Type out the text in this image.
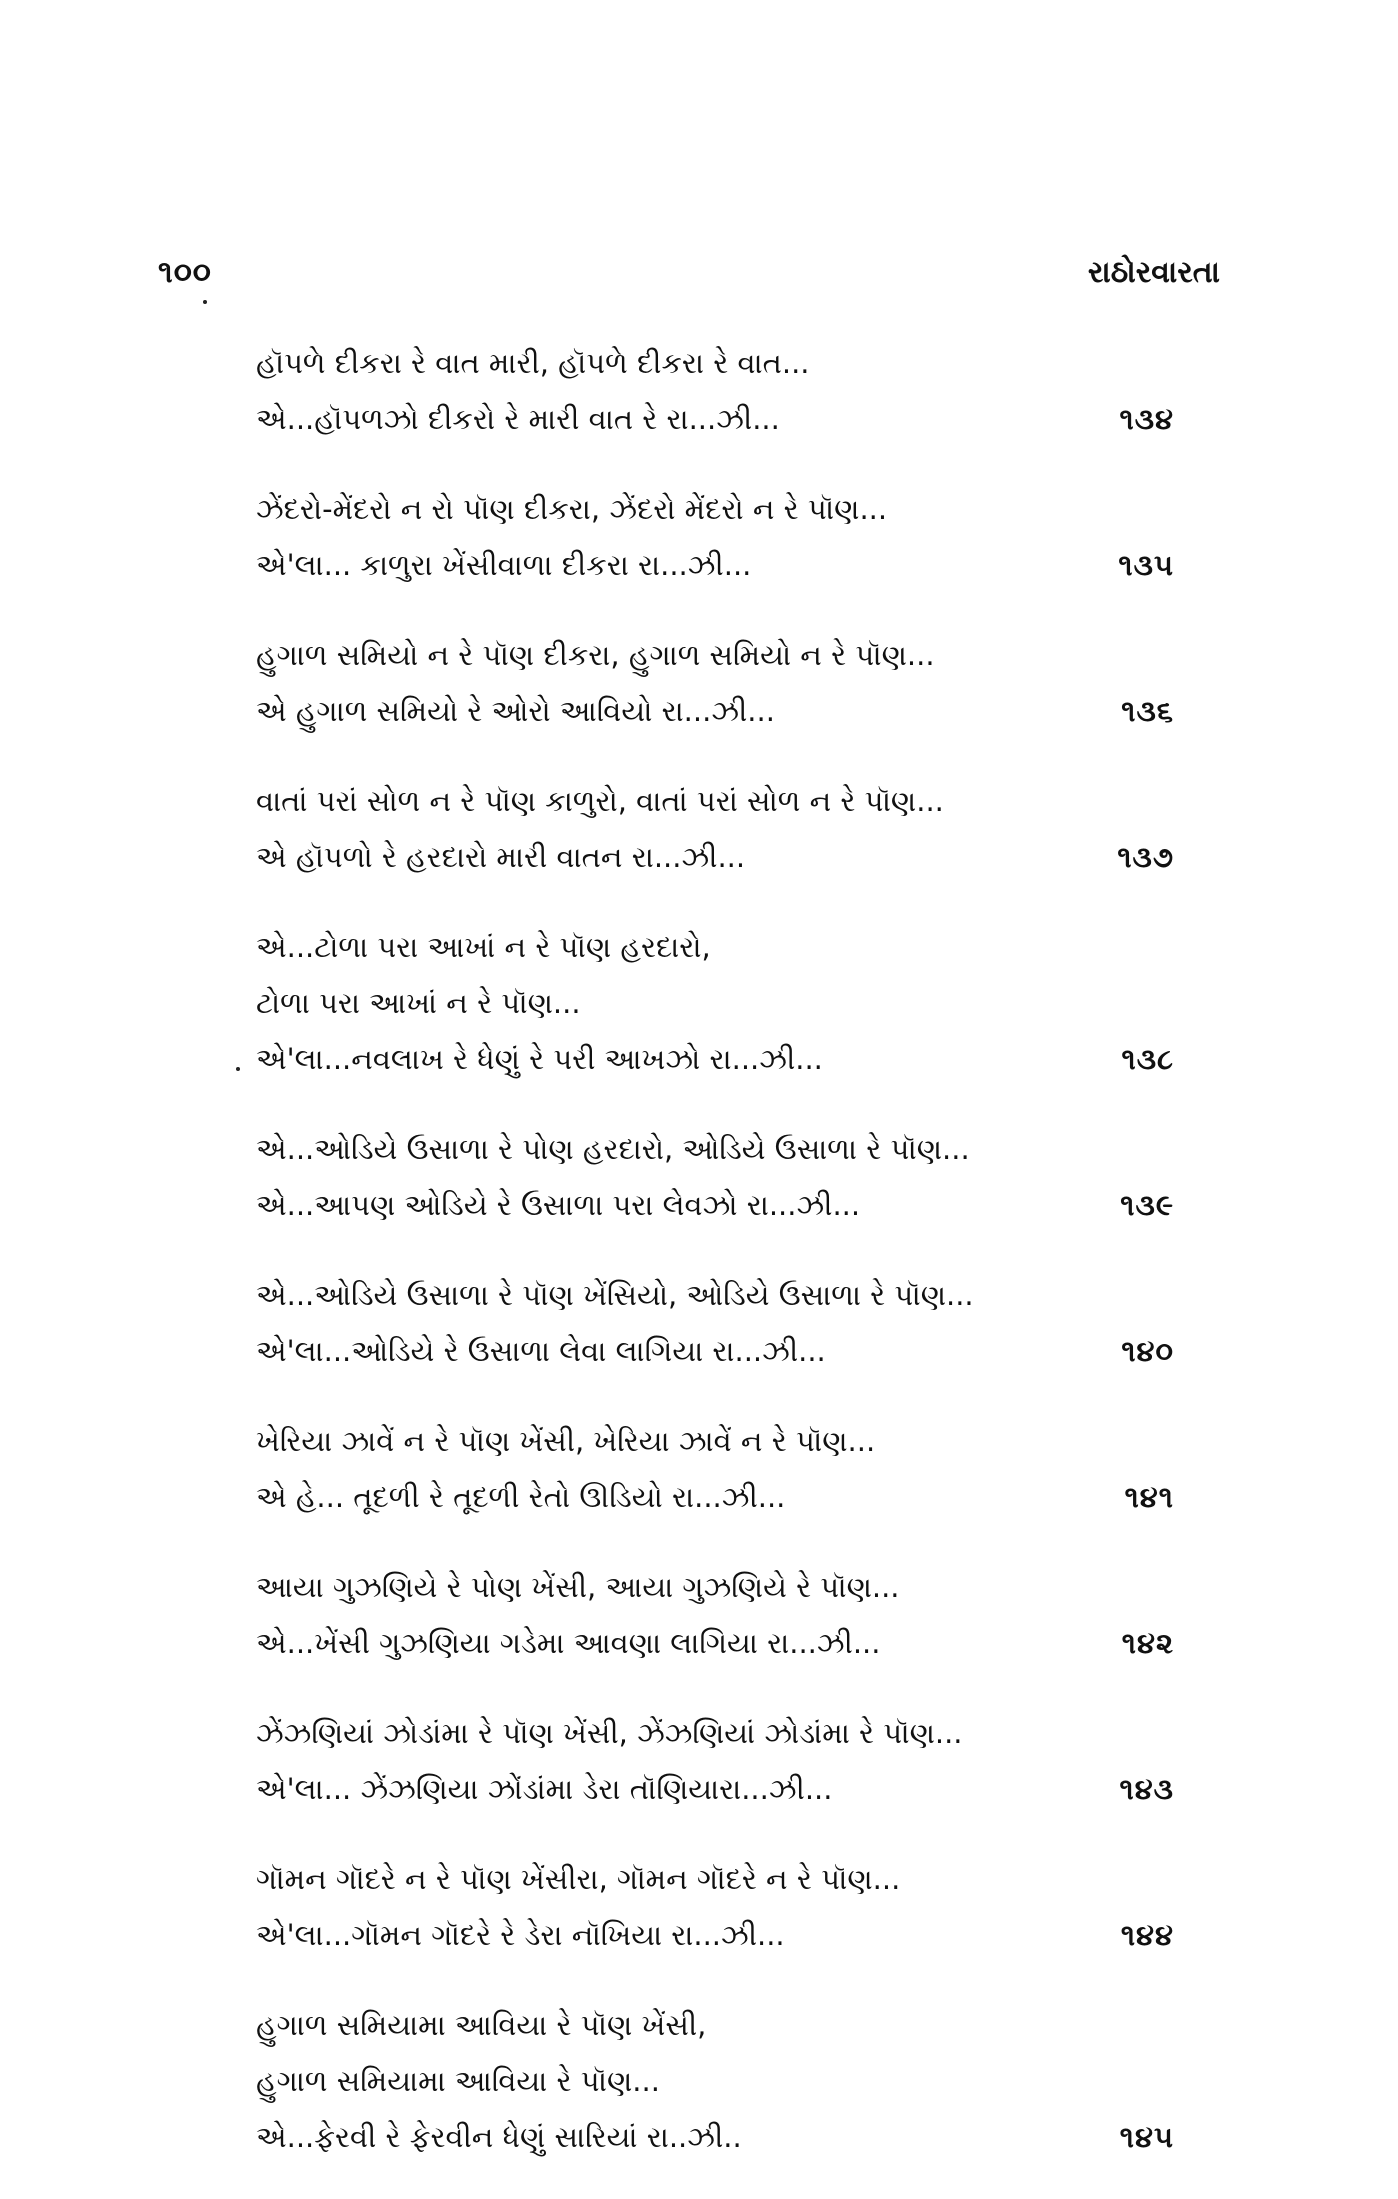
૧૦૦	રાઠોરવારતા
હૉપળે દીકરા રે વાત મારી, હૉપળે દીકરા રે વાત...
એ...હૉપળઝો દીકરો રે મારી વાત રે રા...ઝી...	૧૩૪
ઝેંદરો-મેંદરો ન રો પૉણ દીકરા, ઝેંદરો મેંદરો ન રે પૉણ...
એ'લા... કાળુરા ખેંસીવાળા દીકરા રા...ઝી...	૧૩૫
હુગાળ સમિયો ન રે પૉણ દીકરા, હુગાળ સમિયો ન રે પૉણ...
એ હુગાળ સમિયો રે ઓરો આવિયો રા...ઝી...	૧૩૬
વાતાં પરાં સોળ ન રે પૉણ કાળુરો, વાતાં પરાં સોળ ન રે પૉણ...
એ હૉપળો રે હરદારો મારી વાતન રા...ઝી...	૧૩૭
એ...ટોળા પરા આખાં ન રે પૉણ હરદારો,
ટોળા પરા આખાં ન રે પૉણ...
એ'લા...નવલાખ રે ધેણું રે પરી આખઝો રા...ઝી...	૧૩૮
એ...ઓડિયે ઉસાળા રે પોણ હરદારો, ઓડિયે ઉસાળા રે પૉણ...
એ...આપણ ઓડિયે રે ઉસાળા પરા લેવઝો રા...ઝી...	૧૩૯
એ...ઓડિયે ઉસાળા રે પૉણ ખેંસિયો, ઓડિયે ઉસાળા રે પૉણ...
એ'લા...ઓડિયે રે ઉસાળા લેવા લાગિયા રા...ઝી...	૧૪૦
ખેરિયા ઝાવેં ન રે પૉણ ખેંસી, ખેરિયા ઝાવેં ન રે પૉણ...
એ હે... તૂદળી રે તૂદળી રેતો ઊડિયો રા...ઝી...	૧૪૧
આયા ગુઝણિયે રે પોણ ખેંસી, આયા ગુઝણિયે રે પૉણ...
એ...ખેંસી ગુઝણિયા ગડેમા આવણા લાગિયા રા...ઝી...	૧૪૨
ઝેંઝણિયાં ઝોડાંમા રે પૉણ ખેંસી, ઝેંઝણિયાં ઝોડાંમા રે પૉણ...
એ'લા... ઝેંઝણિયા ઝોંડાંમા ડેરા તૉણિયારા...ઝી...	૧૪૩
ગૉમન ગૉદરે ન રે પૉણ ખેંસીરા, ગૉમન ગૉદરે ન રે પૉણ...
એ'લા...ગૉમન ગૉદરે રે ડેરા નૉખિયા રા...ઝી...	૧૪૪
હુગાળ સમિયામા આવિયા રે પૉણ ખેંસી,
હુગાળ સમિયામા આવિયા રે પૉણ...
એ...ફેરવી રે ફેરવીન ધેણું સારિયાં રા..ઝી..	૧૪૫
